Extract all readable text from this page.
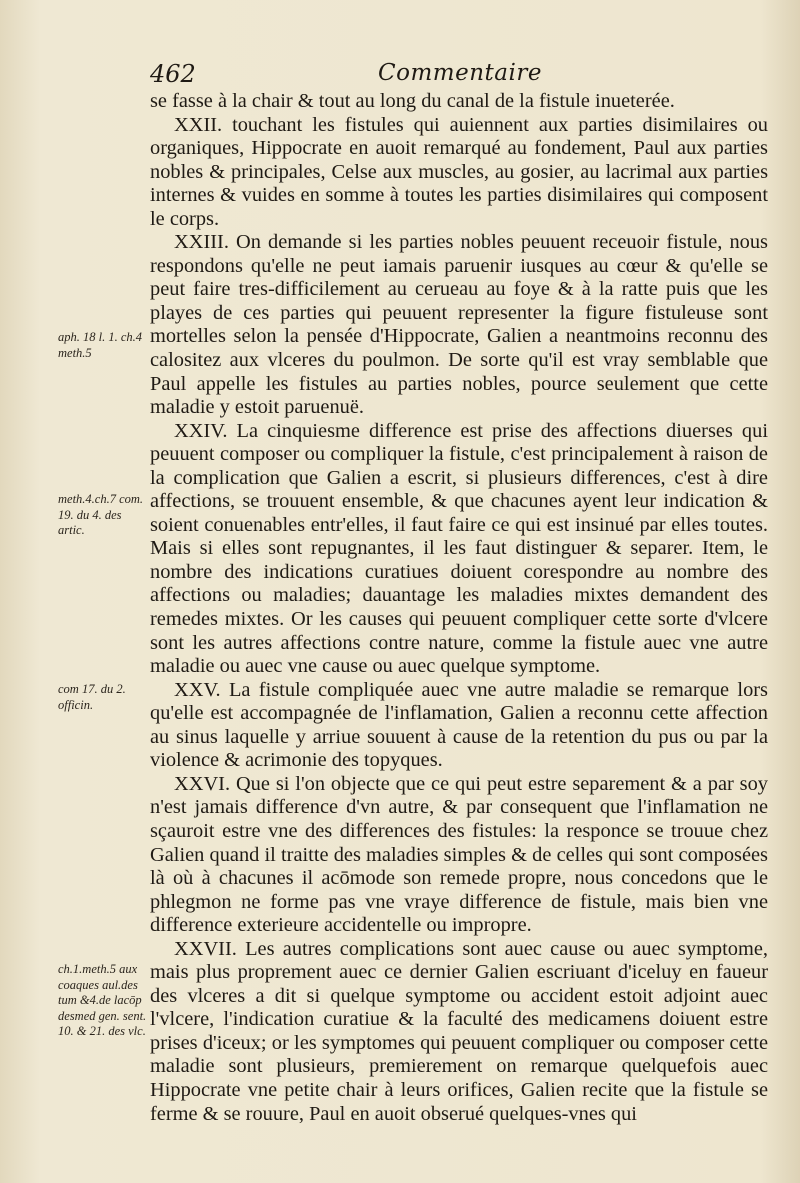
462	Commentaire
aph. 18 l. 1. ch.4 meth.5
meth.4.ch.7 com. 19. du 4. des artic.
com 17. du 2. officin.
ch.1.meth.5 aux coaques aul.des tum &4.de lacōp desmed gen. sent. 10. & 21. des vlc.

se fasse à la chair & tout au long du canal de la fistule inueterée.

XXII. touchant les fistules qui auiennent aux parties disimilaires ou organiques, Hippocrate en auoit remarqué au fondement, Paul aux parties nobles & principales, Celse aux muscles, au gosier, au lacrimal aux parties internes & vuides en somme à toutes les parties disimilaires qui composent le corps.

XXIII. On demande si les parties nobles peuuent receuoir fistule, nous respondons qu'elle ne peut iamais paruenir iusques au cœur & qu'elle se peut faire tres-difficilement au cerueau au foye & à la ratte puis que les playes de ces parties qui peuuent representer la figure fistuleuse sont mortelles selon la pensée d'Hippocrate, Galien a neantmoins reconnu des calositez aux vlceres du poulmon. De sorte qu'il est vray semblable que Paul appelle les fistules au parties nobles, pource seulement que cette maladie y estoit paruenuë.

XXIV. La cinquiesme difference est prise des affections diuerses qui peuuent composer ou compliquer la fistule, c'est principalement à raison de la complication que Galien a escrit, si plusieurs differences, c'est à dire affections, se trouuent ensemble, & que chacunes ayent leur indication & soient conuenables entr'elles, il faut faire ce qui est insinué par elles toutes. Mais si elles sont repugnantes, il les faut distinguer & separer. Item, le nombre des indications curatiues doiuent corespondre au nombre des affections ou maladies; dauantage les maladies mixtes demandent des remedes mixtes. Or les causes qui peuuent compliquer cette sorte d'vlcere sont les autres affections contre nature, comme la fistule auec vne autre maladie ou auec vne cause ou auec quelque symptome.

XXV. La fistule compliquée auec vne autre maladie se remarque lors qu'elle est accompagnée de l'inflamation, Galien a reconnu cette affection au sinus laquelle y arriue souuent à cause de la retention du pus ou par la violence & acrimonie des topyques.

XXVI. Que si l'on objecte que ce qui peut estre separement & a par soy n'est jamais difference d'vn autre, & par consequent que l'inflamation ne sçauroit estre vne des differences des fistules: la responce se trouue chez Galien quand il traitte des maladies simples & de celles qui sont composées là où à chacunes il acōmode son remede propre, nous concedons que le phlegmon ne forme pas vne vraye difference de fistule, mais bien vne difference exterieure accidentelle ou impropre.

XXVII. Les autres complications sont auec cause ou auec symptome, mais plus proprement auec ce dernier Galien escriuant d'iceluy en faueur des vlceres a dit si quelque symptome ou accident estoit adjoint auec l'vlcere, l'indication curatiue & la faculté des medicamens doiuent estre prises d'iceux; or les symptomes qui peuuent compliquer ou composer cette maladie sont plusieurs, premierement on remarque quelquefois auec Hippocrate vne petite chair à leurs orifices, Galien recite que la fistule se ferme & se rouure, Paul en auoit obserué quelques-vnes qui
